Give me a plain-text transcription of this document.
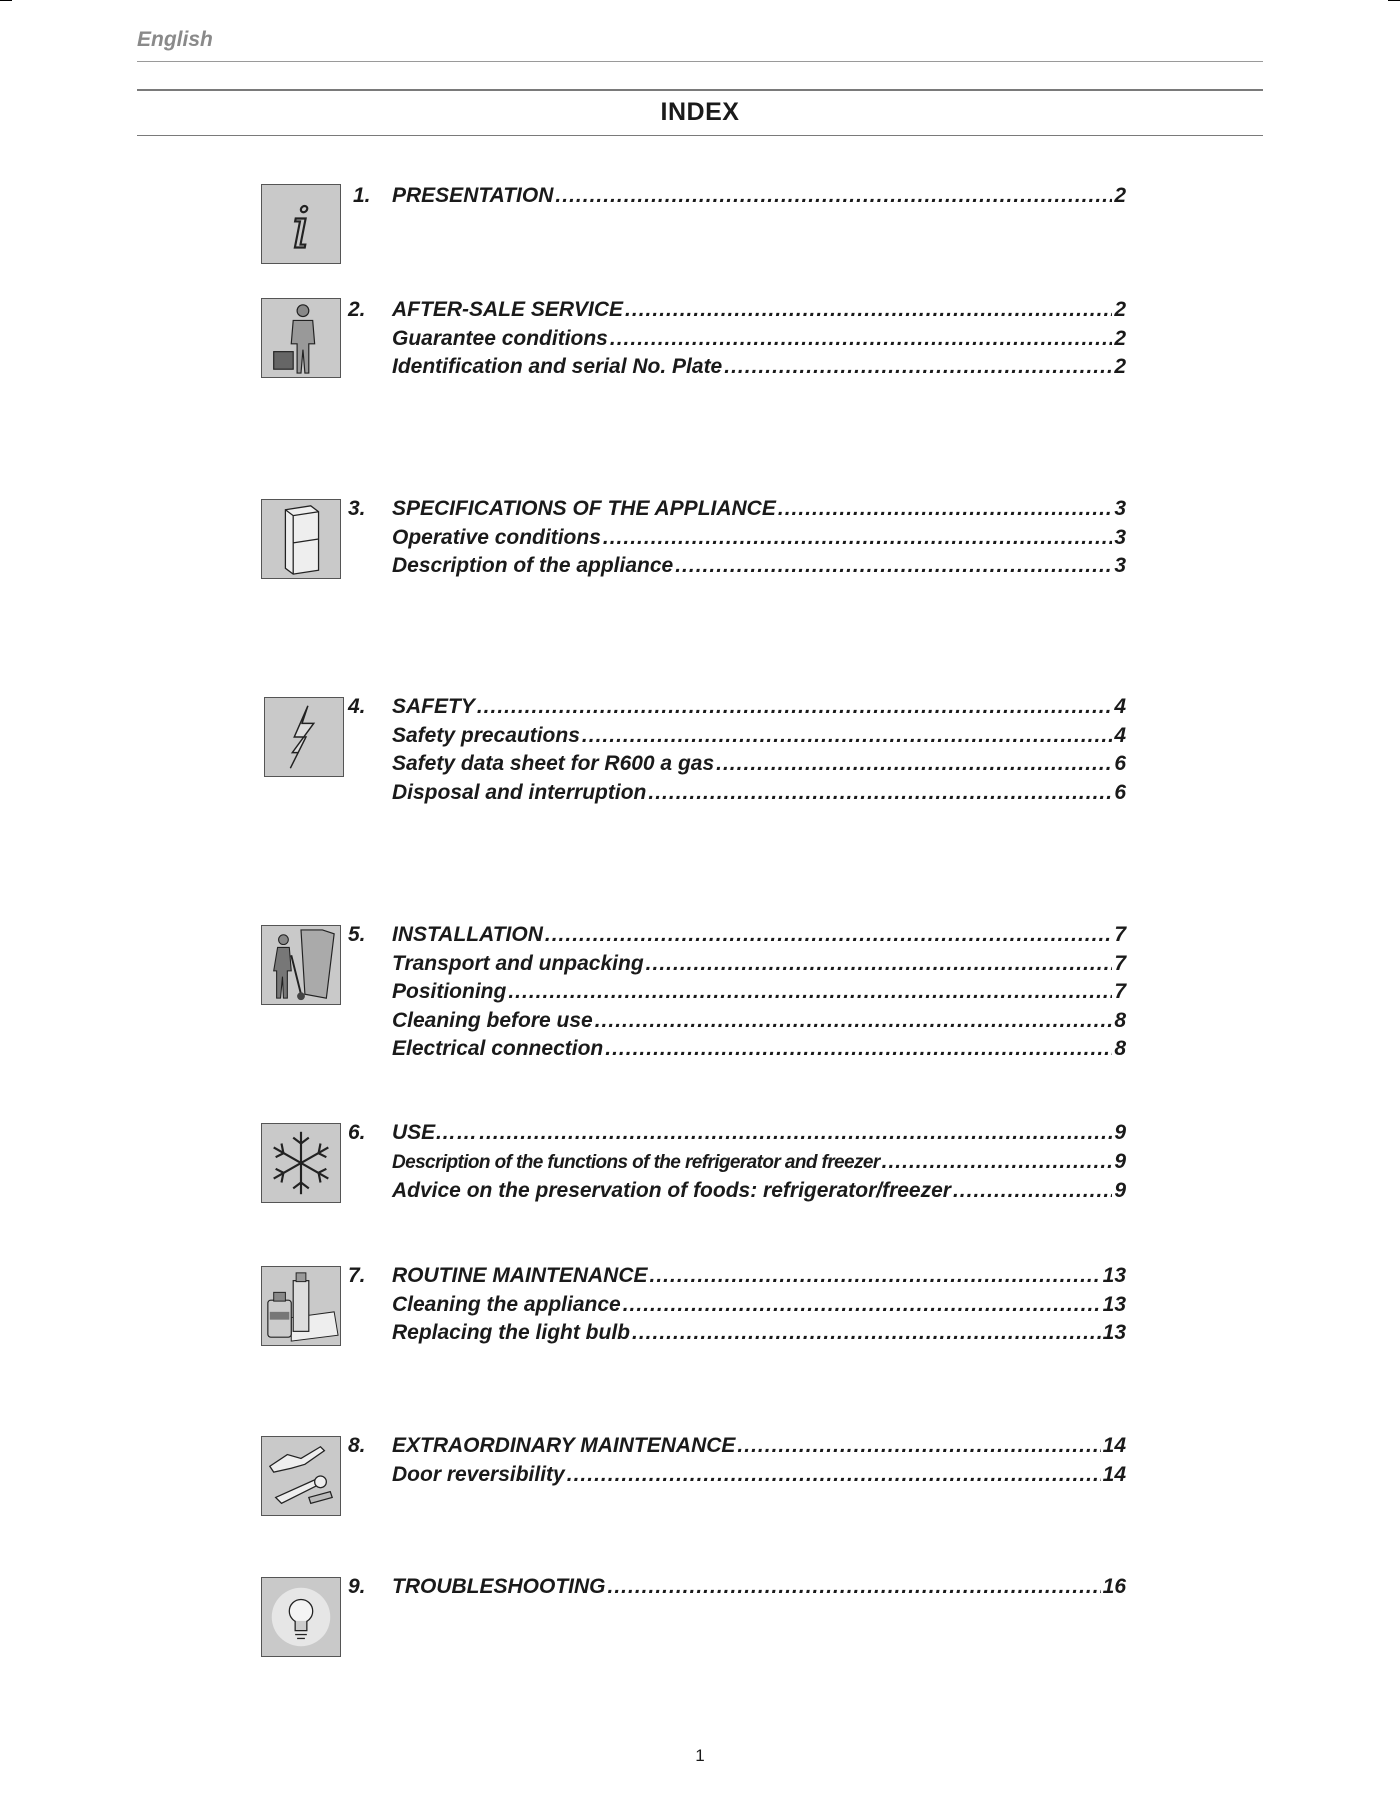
English
INDEX
i
1. PRESENTATION .....	2
2. AFTER-SALE SERVICE .....	2
Guarantee conditions .....	2
Identification and serial No. Plate .....	2
3. SPECIFICATIONS OF THE APPLIANCE .....	3
Operative conditions .....	3
Description of the appliance .....	3
4. SAFETY .....	4
Safety precautions .....	4
Safety data sheet for R600 a gas .....	6
Disposal and interruption .....	6
5. INSTALLATION .....	7
Transport and unpacking .....	7
Positioning .....	7
Cleaning before use .....	8
Electrical connection .....	8
6. USE…… .....	9
Description of the functions of the refrigerator and freezer .....	9
Advice on the preservation of foods: refrigerator/freezer .....	9
7. ROUTINE MAINTENANCE .....	13
Cleaning the appliance .....	13
Replacing the light bulb .....	13
8. EXTRAORDINARY MAINTENANCE .....	14
Door reversibility .....	14
9. TROUBLESHOOTING .....	16
1
